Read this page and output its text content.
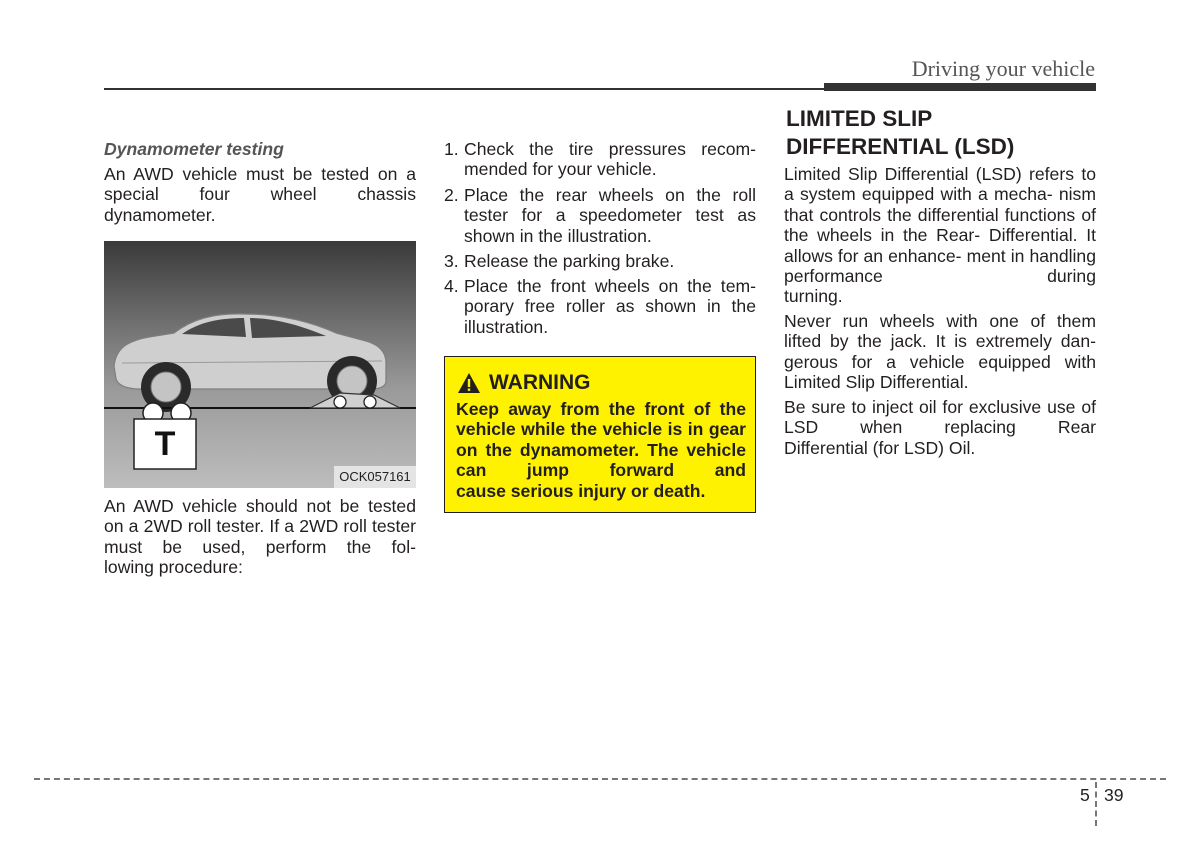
Driving your vehicle
Dynamometer testing
An AWD vehicle must be tested on a special four wheel chassis
dynamometer.
T
OCK057161
An AWD vehicle should not be tested on a 2WD roll tester. If a 2WD roll tester must be used, perform the fol-
lowing procedure:
1. Check the tire pressures recom-
mended for your vehicle.
2. Place the rear wheels on the roll tester for a speedometer test as
shown in the illustration.
3. Release the parking brake.
4. Place the front wheels on the tem- porary free roller as shown in the
illustration.
WARNING
Keep away from the front of the vehicle while the vehicle is in gear on the dynamometer. The vehicle can jump forward and
cause serious injury or death.
LIMITED SLIP
DIFFERENTIAL (LSD)
Limited Slip Differential (LSD) refers to a system equipped with a mecha- nism that controls the differential functions of the wheels in the Rear- Differential. It allows for an enhance- ment in handling performance during
turning.
Never run wheels with one of them lifted by the jack. It is extremely dan- gerous for a vehicle equipped with
Limited Slip Differential.
Be sure to inject oil for exclusive use of LSD when replacing Rear
Differential (for LSD) Oil.
5 39
